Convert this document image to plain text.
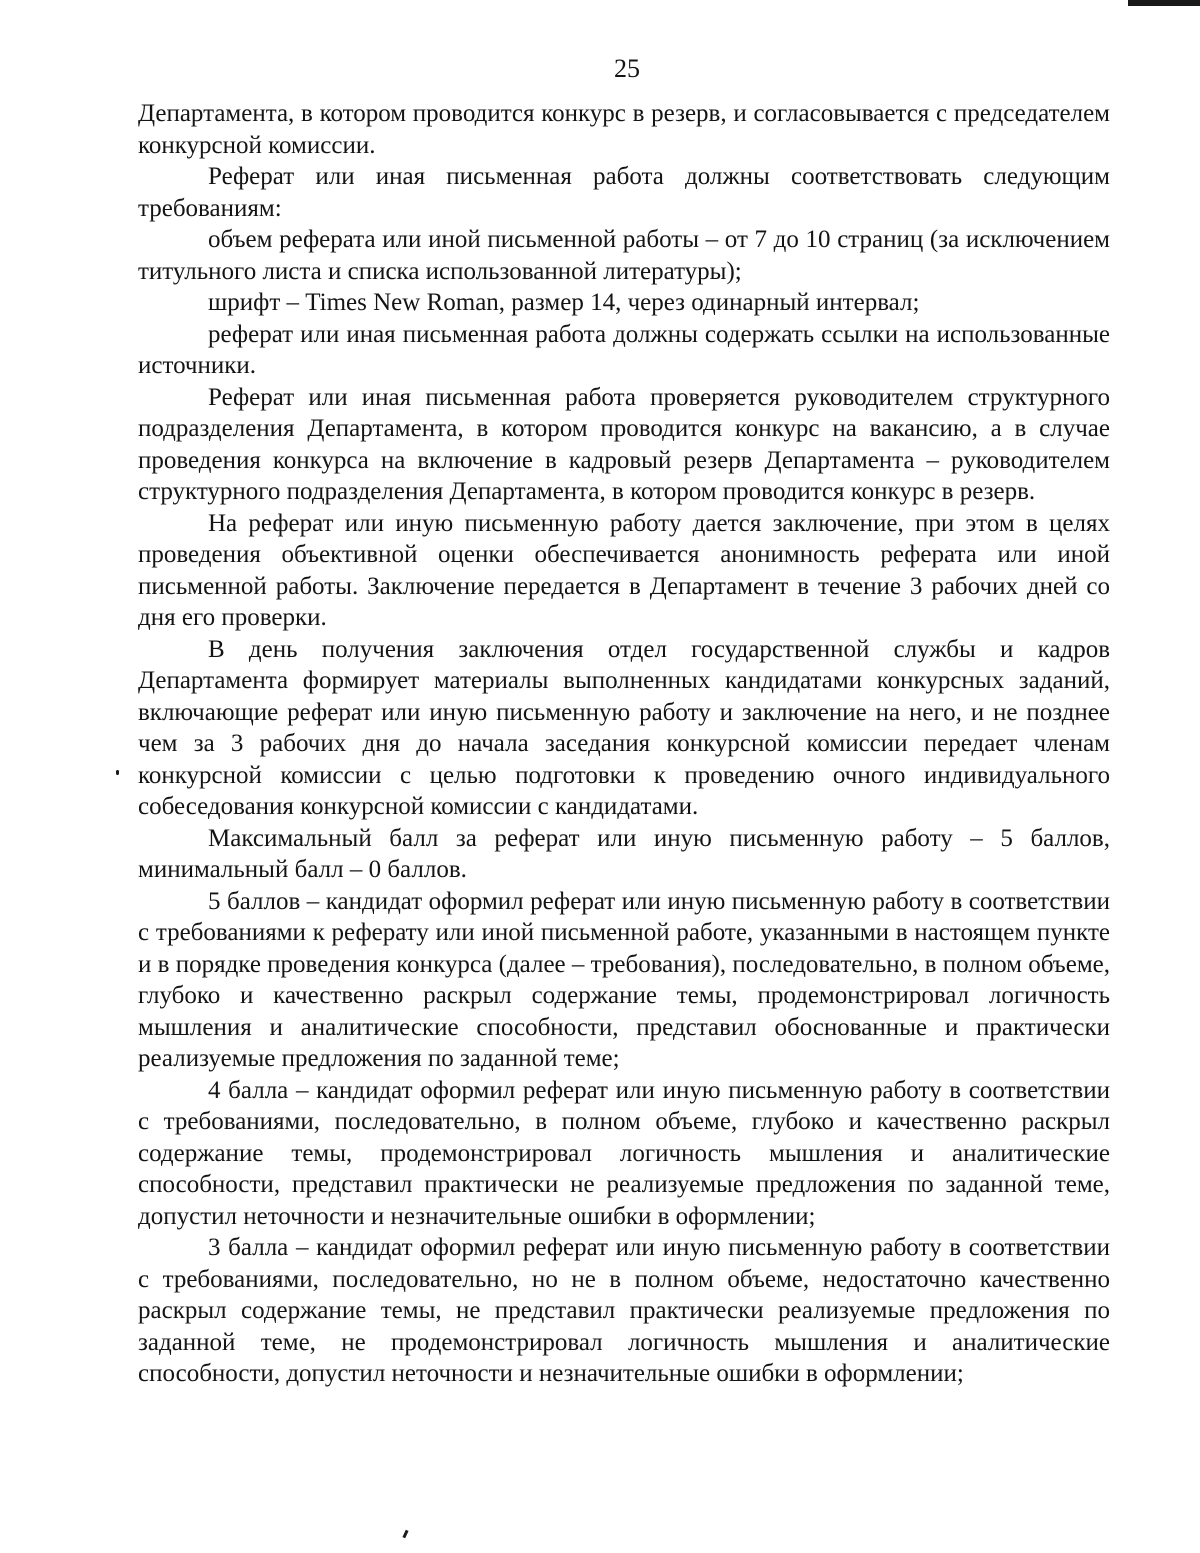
25

Департамента, в котором проводится конкурс в резерв, и согласовывается с председателем конкурсной комиссии.

Реферат или иная письменная работа должны соответствовать следующим требованиям:

объем реферата или иной письменной работы – от 7 до 10 страниц (за исключением титульного листа и списка использованной литературы);

шрифт – Times New Roman, размер 14, через одинарный интервал;

реферат или иная письменная работа должны содержать ссылки на использованные источники.

Реферат или иная письменная работа проверяется руководителем структурного подразделения Департамента, в котором проводится конкурс на вакансию, а в случае проведения конкурса на включение в кадровый резерв Департамента – руководителем структурного подразделения Департамента, в котором проводится конкурс в резерв.

На реферат или иную письменную работу дается заключение, при этом в целях проведения объективной оценки обеспечивается анонимность реферата или иной письменной работы. Заключение передается в Департамент в течение 3 рабочих дней со дня его проверки.

В день получения заключения отдел государственной службы и кадров Департамента формирует материалы выполненных кандидатами конкурсных заданий, включающие реферат или иную письменную работу и заключение на него, и не позднее чем за 3 рабочих дня до начала заседания конкурсной комиссии передает членам конкурсной комиссии с целью подготовки к проведению очного индивидуального собеседования конкурсной комиссии с кандидатами.

Максимальный балл за реферат или иную письменную работу – 5 баллов, минимальный балл – 0 баллов.

5 баллов – кандидат оформил реферат или иную письменную работу в соответствии с требованиями к реферату или иной письменной работе, указанными в настоящем пункте и в порядке проведения конкурса (далее – требования), последовательно, в полном объеме, глубоко и качественно раскрыл содержание темы, продемонстрировал логичность мышления и аналитические способности, представил обоснованные и практически реализуемые предложения по заданной теме;

4 балла – кандидат оформил реферат или иную письменную работу в соответствии с требованиями, последовательно, в полном объеме, глубоко и качественно раскрыл содержание темы, продемонстрировал логичность мышления и аналитические способности, представил практически не реализуемые предложения по заданной теме, допустил неточности и незначительные ошибки в оформлении;

3 балла – кандидат оформил реферат или иную письменную работу в соответствии с требованиями, последовательно, но не в полном объеме, недостаточно качественно раскрыл содержание темы, не представил практически реализуемые предложения по заданной теме, не продемонстрировал логичность мышления и аналитические способности, допустил неточности и незначительные ошибки в оформлении;
